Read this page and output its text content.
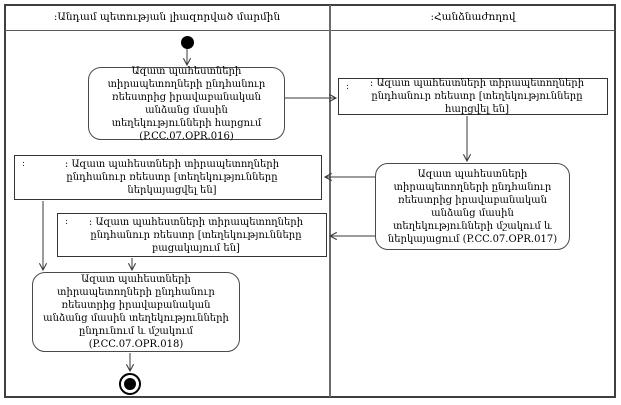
:Անդամ պետության լիազորված մարմին	:Հանձնաժողով
Ազատ պահեստների տիրապետողների ընդհանուր ռեեստրից իրավաբանական անձանց մասին տեղեկությունների հարցում (P.CC.07.OPR.016)
:	: Ազատ պահեստների տիրապետողների ընդհանուր ռեեստր [տեղեկությունները հարցվել են]
Ազատ պահեստների տիրապետողների ընդհանուր ռեեստրից իրավաբանական անձանց մասին տեղեկությունների մշակում և ներկայացում (P.CC.07.OPR.017)
:	: Ազատ պահեստների տիրապետողների ընդհանուր ռեեստր [տեղեկությունները ներկայացվել են]
:	: Ազատ պահեստների տիրապետողների ընդհանուր ռեեստր [տեղեկությունները բացակայում են]
Ազատ պահեստների տիրապետողների ընդհանուր ռեեստրից իրավաբանական անձանց մասին տեղեկությունների ընդունում և մշակում (P.CC.07.OPR.018)
